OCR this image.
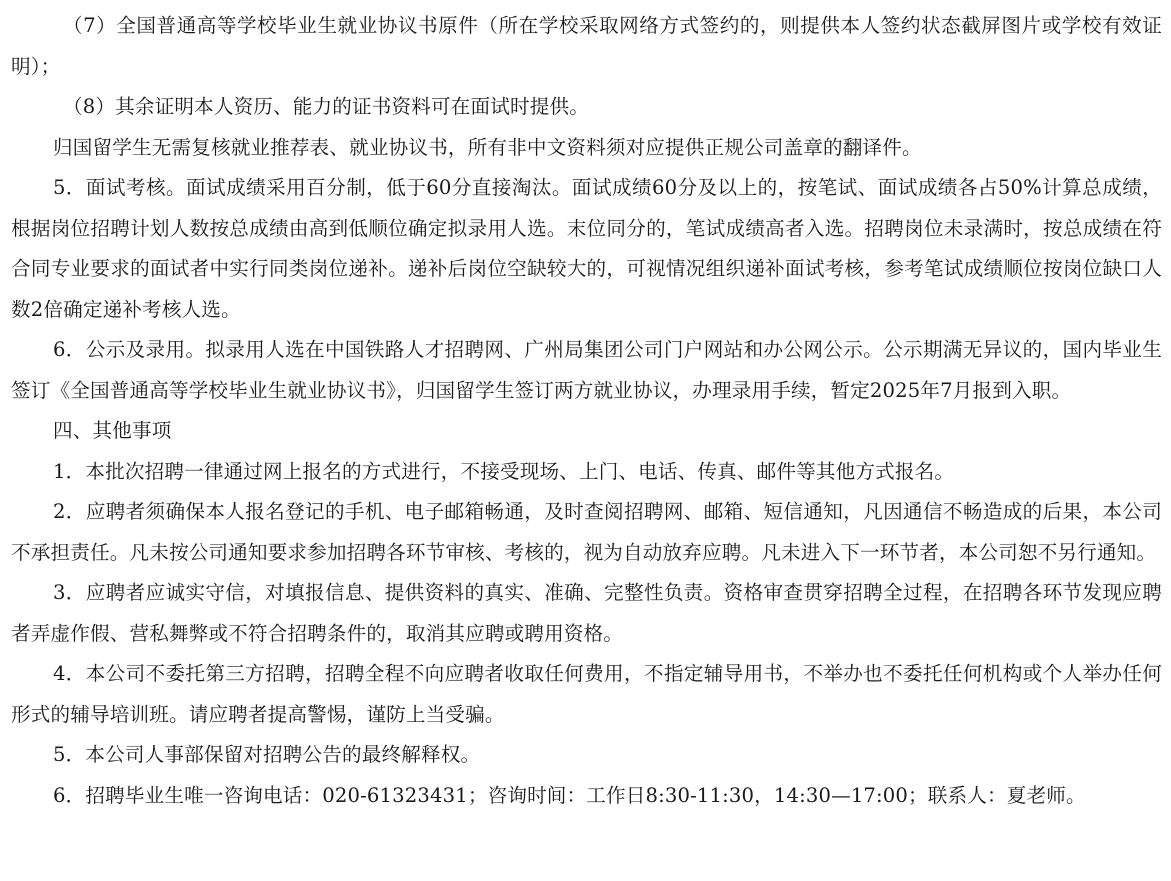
（7）全国普通高等学校毕业生就业协议书原件（所在学校采取网络方式签约的，则提供本人签约状态截屏图片或学校有效证明）；

（8）其余证明本人资历、能力的证书资料可在面试时提供。

归国留学生无需复核就业推荐表、就业协议书，所有非中文资料须对应提供正规公司盖章的翻译件。

5．面试考核。面试成绩采用百分制，低于60分直接淘汰。面试成绩60分及以上的，按笔试、面试成绩各占50%计算总成绩，根据岗位招聘计划人数按总成绩由高到低顺位确定拟录用人选。末位同分的，笔试成绩高者入选。招聘岗位未录满时，按总成绩在符合同专业要求的面试者中实行同类岗位递补。递补后岗位空缺较大的，可视情况组织递补面试考核，参考笔试成绩顺位按岗位缺口人数2倍确定递补考核人选。

6．公示及录用。拟录用人选在中国铁路人才招聘网、广州局集团公司门户网站和办公网公示。公示期满无异议的，国内毕业生签订《全国普通高等学校毕业生就业协议书》，归国留学生签订两方就业协议，办理录用手续，暂定2025年7月报到入职。

四、其他事项

1．本批次招聘一律通过网上报名的方式进行，不接受现场、上门、电话、传真、邮件等其他方式报名。

2．应聘者须确保本人报名登记的手机、电子邮箱畅通，及时查阅招聘网、邮箱、短信通知，凡因通信不畅造成的后果，本公司不承担责任。凡未按公司通知要求参加招聘各环节审核、考核的，视为自动放弃应聘。凡未进入下一环节者，本公司恕不另行通知。

3．应聘者应诚实守信，对填报信息、提供资料的真实、准确、完整性负责。资格审查贯穿招聘全过程，在招聘各环节发现应聘者弄虚作假、营私舞弊或不符合招聘条件的，取消其应聘或聘用资格。

4．本公司不委托第三方招聘，招聘全程不向应聘者收取任何费用，不指定辅导用书，不举办也不委托任何机构或个人举办任何形式的辅导培训班。请应聘者提高警惕，谨防上当受骗。

5．本公司人事部保留对招聘公告的最终解释权。

6．招聘毕业生唯一咨询电话：020-61323431；咨询时间：工作日8:30-11:30，14:30—17:00；联系人：夏老师。
